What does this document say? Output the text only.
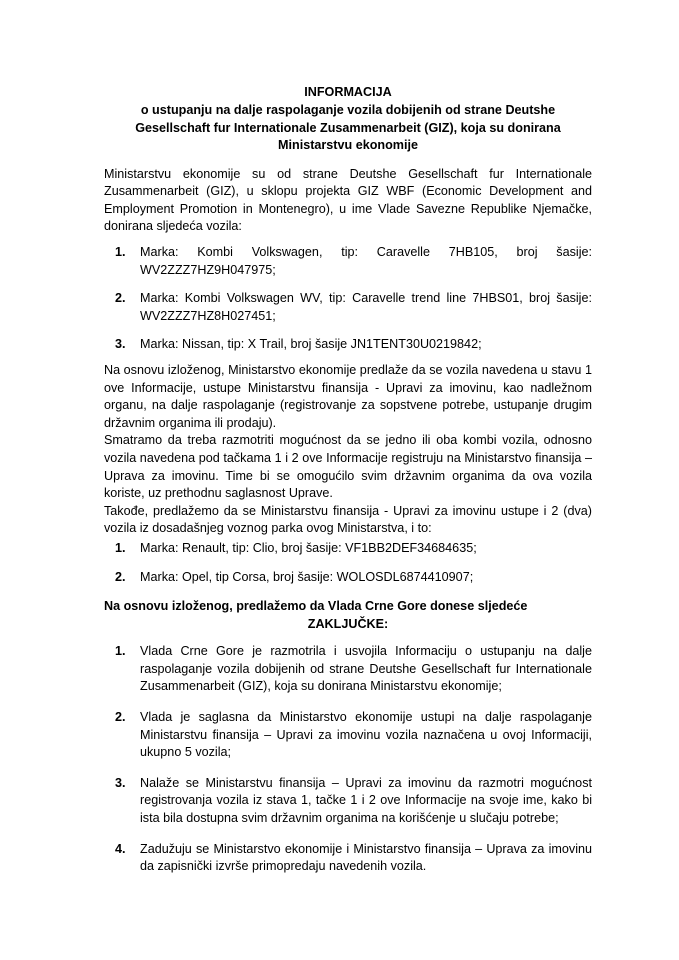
INFORMACIJA
o ustupanju na dalje raspolaganje vozila dobijenih od strane Deutshe Gesellschaft fur Internationale Zusammenarbeit (GIZ), koja su donirana Ministarstvu ekonomije

Ministarstvu ekonomije su od strane Deutshe Gesellschaft fur Internationale Zusammenarbeit (GIZ), u sklopu projekta GIZ WBF (Economic Development and Employment Promotion in Montenegro), u ime Vlade Savezne Republike Njemačke, donirana sljedeća vozila:

Marka: Kombi Volkswagen, tip: Caravelle 7HB105, broj šasije: WV2ZZZ7HZ9H047975;
Marka: Kombi Volkswagen WV, tip: Caravelle trend line 7HBS01, broj šasije: WV2ZZZ7HZ8H027451;
Marka: Nissan, tip: X Trail, broj šasije JN1TENT30U0219842;

Na osnovu izloženog, Ministarstvo ekonomije predlaže da se vozila navedena u stavu 1 ove Informacije, ustupe Ministarstvu finansija - Upravi za imovinu, kao nadležnom organu, na dalje raspolaganje (registrovanje za sopstvene potrebe, ustupanje drugim državnim organima ili prodaju).

Smatramo da treba razmotriti mogućnost da se jedno ili oba kombi vozila, odnosno vozila navedena pod tačkama 1 i 2 ove Informacije registruju na Ministarstvo finansija – Uprava za imovinu. Time bi se omogućilo svim državnim organima da ova vozila koriste, uz prethodnu saglasnost Uprave.

Takođe, predlažemo da se Ministarstvu finansija - Upravi za imovinu ustupe i 2 (dva) vozila iz dosadašnjeg voznog parka ovog Ministarstva, i to:

Marka: Renault, tip: Clio, broj šasije: VF1BB2DEF34684635;
Marka: Opel, tip Corsa, broj šasije: WOLOSDL6874410907;
Na osnovu izloženog, predlažemo da Vlada Crne Gore donese sljedeće
ZAKLJUČKE:
Vlada Crne Gore je razmotrila i usvojila Informaciju o ustupanju na dalje raspolaganje vozila dobijenih od strane Deutshe Gesellschaft fur Internationale Zusammenarbeit (GIZ), koja su donirana Ministarstvu ekonomije;
Vlada je saglasna da Ministarstvo ekonomije ustupi na dalje raspolaganje Ministarstvu finansija – Upravi za imovinu vozila naznačena u ovoj Informaciji, ukupno 5 vozila;
Nalaže se Ministarstvu finansija – Upravi za imovinu da razmotri mogućnost registrovanja vozila iz stava 1, tačke 1 i 2 ove Informacije na svoje ime, kako bi ista bila dostupna svim državnim organima na korišćenje u slučaju potrebe;
Zadužuju se Ministarstvo ekonomije i Ministarstvo finansija – Uprava za imovinu da zapisnički izvrše primopredaju navedenih vozila.
